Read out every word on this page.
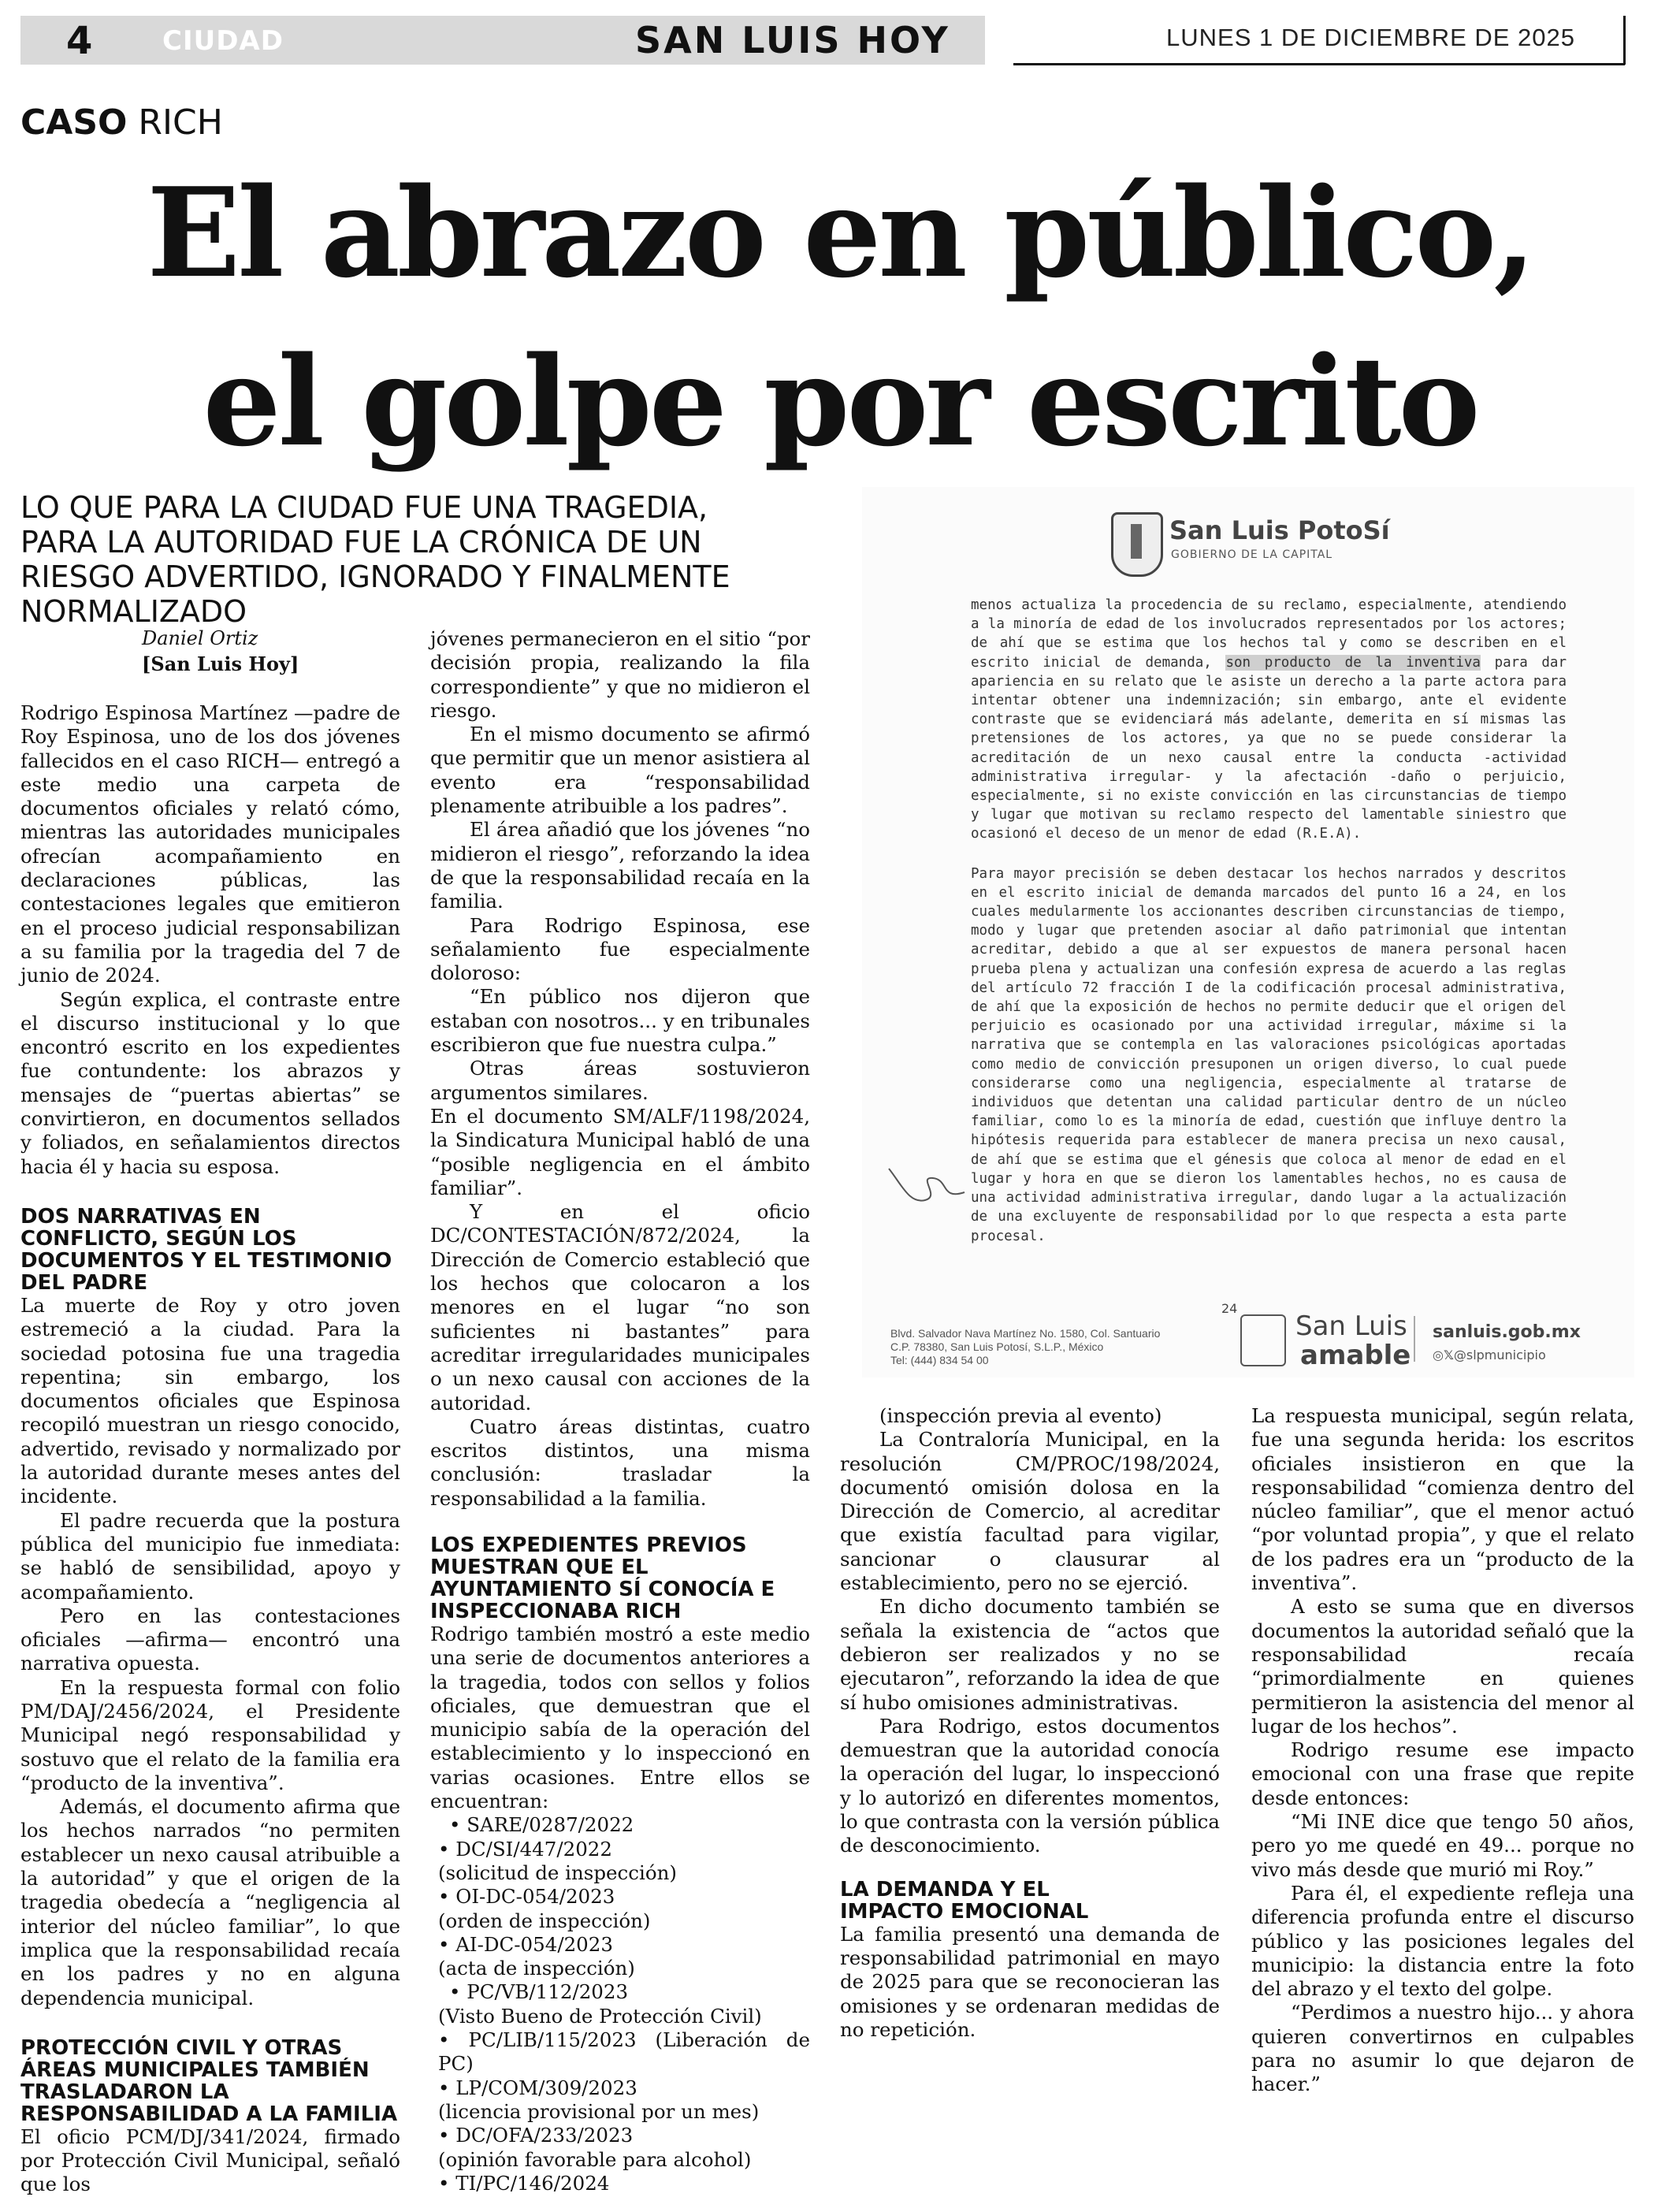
4	CIUDAD	SAN LUIS HOY	LUNES 1 DE DICIEMBRE DE 2025
CASO RICH
El abrazo en público,
el golpe por escrito
LO QUE PARA LA CIUDAD FUE UNA TRAGEDIA, PARA LA AUTORIDAD FUE LA CRÓNICA DE UN RIESGO ADVERTIDO, IGNORADO Y FINALMENTE NORMALIZADO
Daniel Ortiz
[San Luis Hoy]

Rodrigo Espinosa Martínez —padre de Roy Espinosa, uno de los dos jóvenes fallecidos en el caso RICH— entregó a este medio una carpeta de documentos oficiales y relató cómo, mientras las autoridades municipales ofrecían acompañamiento en declaraciones públicas, las contestaciones legales que emitieron en el proceso judicial responsabilizan a su familia por la tragedia del 7 de junio de 2024.

Según explica, el contraste entre el discurso institucional y lo que encontró escrito en los expedientes fue contundente: los abrazos y mensajes de “puertas abiertas” se convirtieron, en documentos sellados y foliados, en señalamientos directos hacia él y hacia su esposa.

DOS NARRATIVAS EN CONFLICTO, SEGÚN LOS DOCUMENTOS Y EL TESTIMONIO DEL PADRE

La muerte de Roy y otro joven estremeció a la ciudad. Para la sociedad potosina fue una tragedia repentina; sin embargo, los documentos oficiales que Espinosa recopiló muestran un riesgo conocido, advertido, revisado y normalizado por la autoridad durante meses antes del incidente.

El padre recuerda que la postura pública del municipio fue inmediata: se habló de sensibilidad, apoyo y acompañamiento.

Pero en las contestaciones oficiales —afirma— encontró una narrativa opuesta.

En la respuesta formal con folio PM/DAJ/2456/2024, el Presidente Municipal negó responsabilidad y sostuvo que el relato de la familia era “producto de la inventiva”.

Además, el documento afirma que los hechos narrados “no permiten establecer un nexo causal atribuible a la autoridad” y que el origen de la tragedia obedecía a “negligencia al interior del núcleo familiar”, lo que implica que la responsabilidad recaía en los padres y no en alguna dependencia municipal.

PROTECCIÓN CIVIL Y OTRAS ÁREAS MUNICIPALES TAMBIÉN TRASLADARON LA RESPONSABILIDAD A LA FAMILIA

El oficio PCM/DJ/341/2024, firmado por Protección Civil Municipal, señaló que los

jóvenes permanecieron en el sitio “por decisión propia, realizando la fila correspondiente” y que no midieron el riesgo.

En el mismo documento se afirmó que permitir que un menor asistiera al evento era “responsabilidad plenamente atribuible a los padres”.

El área añadió que los jóvenes “no midieron el riesgo”, reforzando la idea de que la responsabilidad recaía en la familia.

Para Rodrigo Espinosa, ese señalamiento fue especialmente doloroso:

“En público nos dijeron que estaban con nosotros... y en tribunales escribieron que fue nuestra culpa.”

Otras áreas sostuvieron argumentos similares.

En el documento SM/ALF/1198/2024, la Sindicatura Municipal habló de una “posible negligencia en el ámbito familiar”.

Y en el oficio DC/CONTESTACIÓN/872/2024, la Dirección de Comercio estableció que los hechos que colocaron a los menores en el lugar “no son suficientes ni bastantes” para acreditar irregularidades municipales o un nexo causal con acciones de la autoridad.

Cuatro áreas distintas, cuatro escritos distintos, una misma conclusión: trasladar la responsabilidad a la familia.

LOS EXPEDIENTES PREVIOS MUESTRAN QUE EL AYUNTAMIENTO SÍ CONOCÍA E INSPECCIONABA RICH

Rodrigo también mostró a este medio una serie de documentos anteriores a la tragedia, todos con sellos y folios oficiales, que demuestran que el municipio sabía de la operación del establecimiento y lo inspeccionó en varias ocasiones. Entre ellos se encuentran:

• SARE/0287/2022
• DC/SI/447/2022
(solicitud de inspección)
• OI-DC-054/2023
(orden de inspección)
• AI-DC-054/2023
(acta de inspección)
• PC/VB/112/2023
(Visto Bueno de Protección Civil)
• PC/LIB/115/2023 (Liberación de PC)
• LP/COM/309/2023
(licencia provisional por un mes)
• DC/OFA/233/2023
(opinión favorable para alcohol)
• TI/PC/146/2024
San Luis PotoSí
GOBIERNO DE LA CAPITAL

menos actualiza la procedencia de su reclamo, especialmente, atendiendo a la minoría de edad de los involucrados representados por los actores; de ahí que se estima que los hechos tal y como se describen en el escrito inicial de demanda, son producto de la inventiva para dar apariencia en su relato que le asiste un derecho a la parte actora para intentar obtener una indemnización; sin embargo, ante el evidente contraste que se evidenciará más adelante, demerita en sí mismas las pretensiones de los actores, ya que no se puede considerar la acreditación de un nexo causal entre la conducta -actividad administrativa irregular- y la afectación -daño o perjuicio, especialmente, si no existe convicción en las circunstancias de tiempo y lugar que motivan su reclamo respecto del lamentable siniestro que ocasionó el deceso de un menor de edad (R.E.A).

Para mayor precisión se deben destacar los hechos narrados y descritos en el escrito inicial de demanda marcados del punto 16 a 24, en los cuales medularmente los accionantes describen circunstancias de tiempo, modo y lugar que pretenden asociar al daño patrimonial que intentan acreditar, debido a que al ser expuestos de manera personal hacen prueba plena y actualizan una confesión expresa de acuerdo a las reglas del artículo 72 fracción I de la codificación procesal administrativa, de ahí que la exposición de hechos no permite deducir que el origen del perjuicio es ocasionado por una actividad irregular, máxime si la narrativa que se contempla en las valoraciones psicológicas aportadas como medio de convicción presuponen un origen diverso, lo cual puede considerarse como una negligencia, especialmente al tratarse de individuos que detentan una calidad particular dentro de un núcleo familiar, como lo es la minoría de edad, cuestión que influye dentro la hipótesis requerida para establecer de manera precisa un nexo causal, de ahí que se estima que el génesis que coloca al menor de edad en el lugar y hora en que se dieron los lamentables hechos, no es causa de una actividad administrativa irregular, dando lugar a la actualización de una excluyente de responsabilidad por lo que respecta a esta parte procesal.

24
Blvd. Salvador Nava Martínez No. 1580, Col. Santuario
C.P. 78380, San Luis Potosí, S.L.P., México
Tel: (444) 834 54 00
San Luis
amable
sanluis.gob.mx
◎𝕏@slpmunicipio

(inspección previa al evento)

La Contraloría Municipal, en la resolución CM/PROC/198/2024, documentó omisión dolosa en la Dirección de Comercio, al acreditar que existía facultad para vigilar, sancionar o clausurar al establecimiento, pero no se ejerció.

En dicho documento también se señala la existencia de “actos que debieron ser realizados y no se ejecutaron”, reforzando la idea de que sí hubo omisiones administrativas.

Para Rodrigo, estos documentos demuestran que la autoridad conocía la operación del lugar, lo inspeccionó y lo autorizó en diferentes momentos, lo que contrasta con la versión pública de desconocimiento.

LA DEMANDA Y EL IMPACTO EMOCIONAL

La familia presentó una demanda de responsabilidad patrimonial en mayo de 2025 para que se reconocieran las omisiones y se ordenaran medidas de no repetición.

La respuesta municipal, según relata, fue una segunda herida: los escritos oficiales insistieron en que la responsabilidad “comienza dentro del núcleo familiar”, que el menor actuó “por voluntad propia”, y que el relato de los padres era un “producto de la inventiva”.

A esto se suma que en diversos documentos la autoridad señaló que la responsabilidad recaía “primordialmente en quienes permitieron la asistencia del menor al lugar de los hechos”.

Rodrigo resume ese impacto emocional con una frase que repite desde entonces:

“Mi INE dice que tengo 50 años, pero yo me quedé en 49... porque no vivo más desde que murió mi Roy.”

Para él, el expediente refleja una diferencia profunda entre el discurso público y las posiciones legales del municipio: la distancia entre la foto del abrazo y el texto del golpe.

“Perdimos a nuestro hijo... y ahora quieren convertirnos en culpables para no asumir lo que dejaron de hacer.”
